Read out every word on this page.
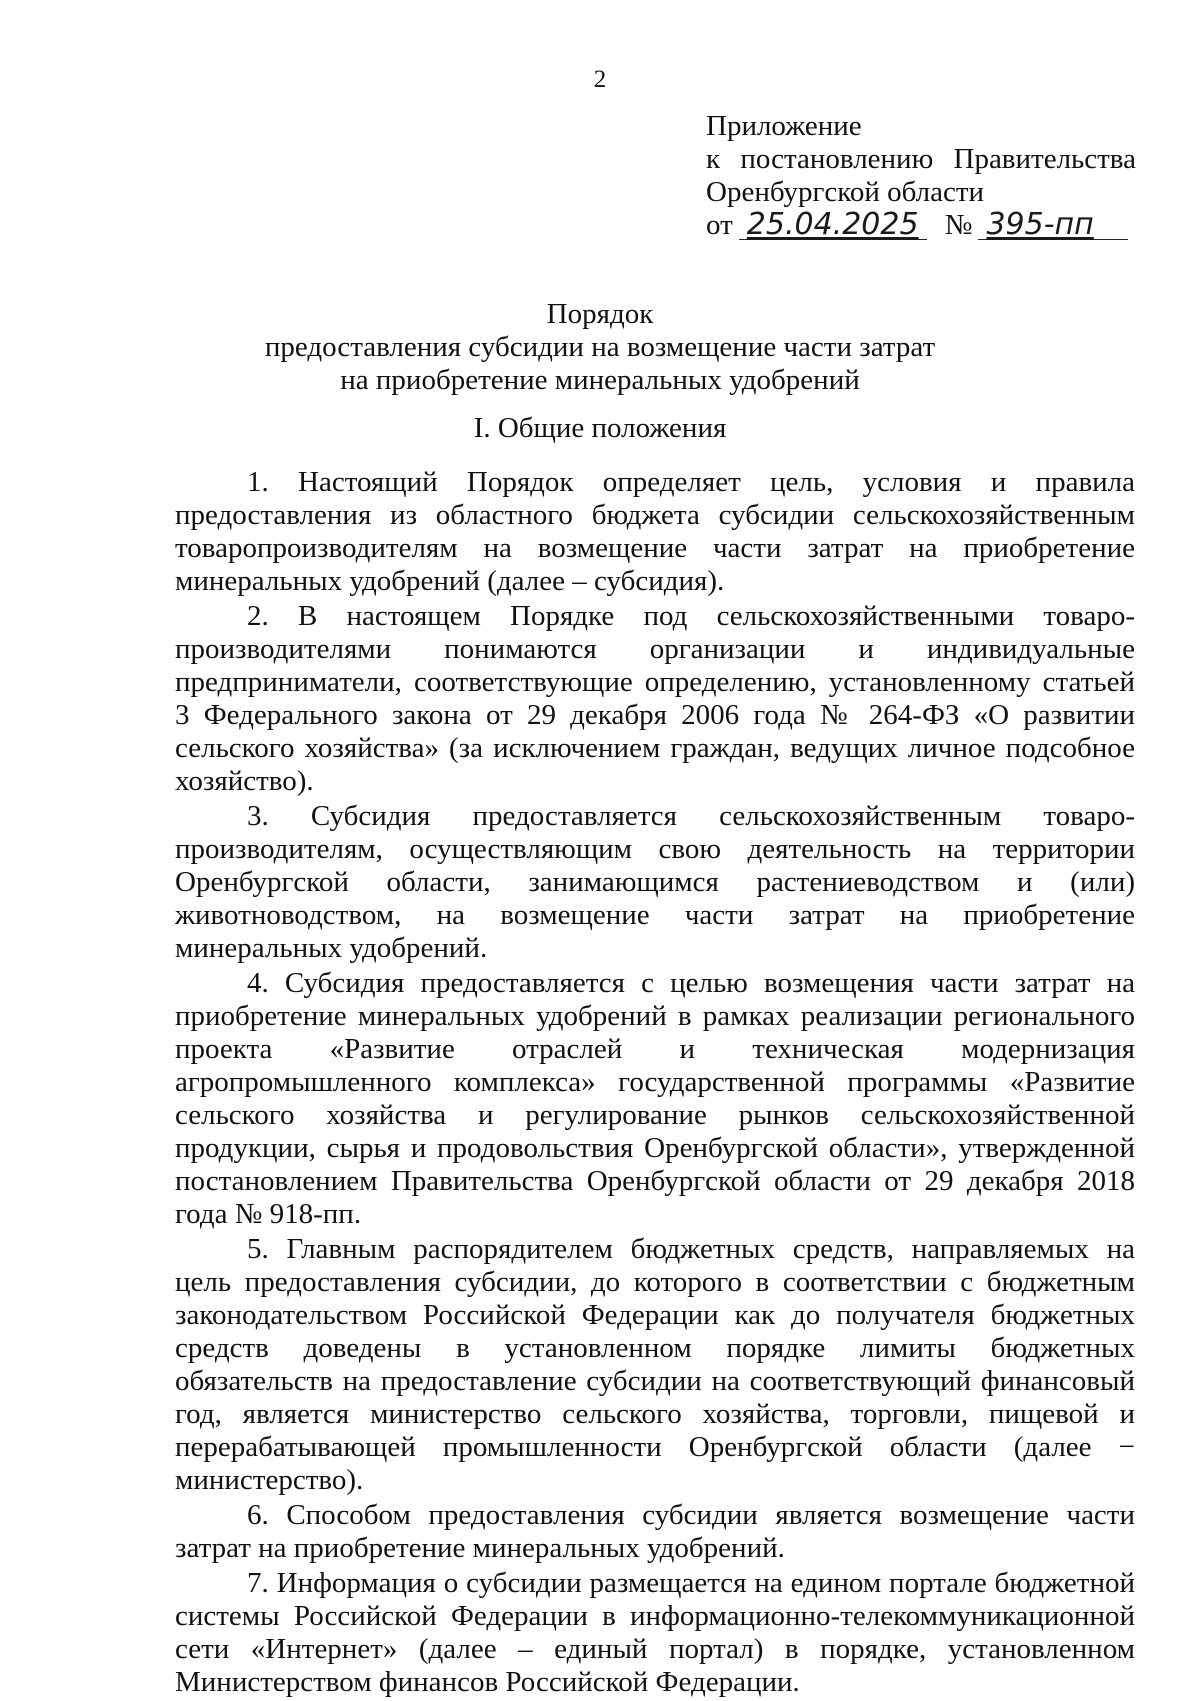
2
Приложение
к постановлению Правительства
Оренбургской области
от 25.04.2025 № 395-пп
Порядок
предоставления субсидии на возмещение части затрат
на приобретение минеральных удобрений
I. Общие положения

1. Настоящий Порядок определяет цель, условия и правила предоставления из областного бюджета субсидии сельскохозяйственным товаропроизводителям на возмещение части затрат на приобретение минеральных удобрений (далее – субсидия).

2. В настоящем Порядке под сельскохозяйственными товаро-производителями понимаются организации и индивидуальные предприниматели, соответствующие определению, установленному статьей 3 Федерального закона от 29 декабря 2006 года № 264-ФЗ «О развитии сельского хозяйства» (за исключением граждан, ведущих личное подсобное хозяйство).

3. Субсидия предоставляется сельскохозяйственным товаро-производителям, осуществляющим свою деятельность на территории Оренбургской области, занимающимся растениеводством и (или) животноводством, на возмещение части затрат на приобретение минеральных удобрений.

4. Субсидия предоставляется с целью возмещения части затрат на приобретение минеральных удобрений в рамках реализации регионального проекта «Развитие отраслей и техническая модернизация агропромышленного комплекса» государственной программы «Развитие сельского хозяйства и регулирование рынков сельскохозяйственной продукции, сырья и продовольствия Оренбургской области», утвержденной постановлением Правительства Оренбургской области от 29 декабря 2018 года № 918-пп.

5. Главным распорядителем бюджетных средств, направляемых на цель предоставления субсидии, до которого в соответствии с бюджетным законодательством Российской Федерации как до получателя бюджетных средств доведены в установленном порядке лимиты бюджетных обязательств на предоставление субсидии на соответствующий финансовый год, является министерство сельского хозяйства, торговли, пищевой и перерабатывающей промышленности Оренбургской области (далее − министерство).

6. Способом предоставления субсидии является возмещение части затрат на приобретение минеральных удобрений.

7. Информация о субсидии размещается на едином портале бюджетной системы Российской Федерации в информационно-телекоммуникационной сети «Интернет» (далее – единый портал) в порядке, установленном Министерством финансов Российской Федерации.
